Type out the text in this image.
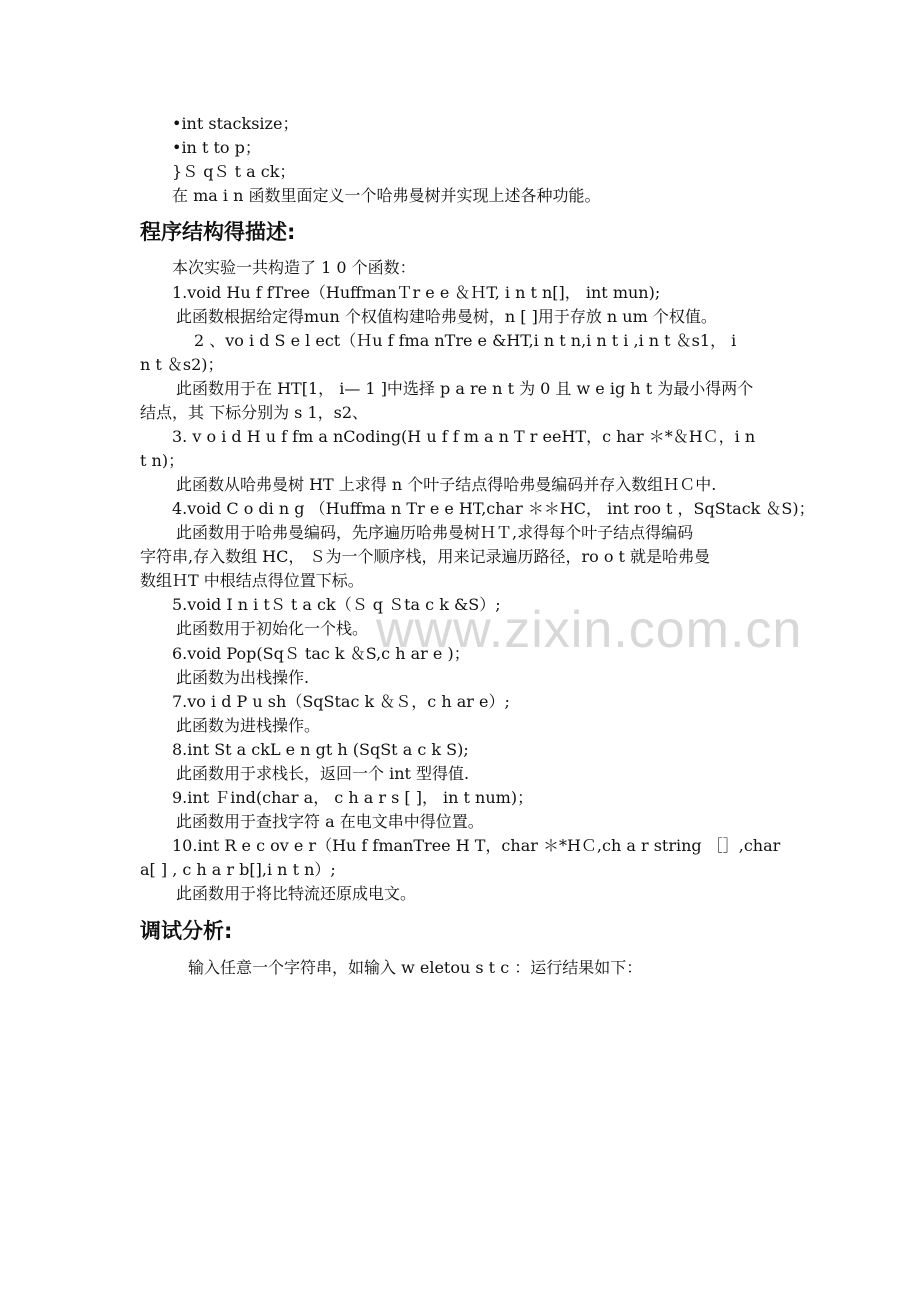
www.zixin.com.cn
•int stacksize；
•in t to p；
}Ｓ qＳ t a ck；
在 ma i n 函数里面定义一个哈弗曼树并实现上述各种功能。
程序结构得描述:
本次实验一共构造了 1 0 个函数：
1.void Hu f fTree（HuffmanＴr e e ＆ＨT, i n t n[]， int mun);
此函数根据给定得mun 个权值构建哈弗曼树，n [ ]用于存放 n um 个权值。
2 、vo i d S e l ect（Ｈu f fma nTre e &HT,i n t n,i n t i ,i n t ＆s1， i
n t ＆s2)；
此函数用于在 HT[1， i— 1 ]中选择 p a re n t 为 0 且 w e ig h t 为最小得两个
结点，其 下标分别为 s 1，s2、
3. v o i d H u f fm a nCoding(H u f f m a n T r eeHT，c har ＊*＆HＣ，i n
t n)；
此函数从哈弗曼树 HT 上求得 n 个叶子结点得哈弗曼编码并存入数组ＨＣ中.
4.void C o di n g （Huffma n Tr e e HT,char ＊＊HC， int roo t ，SqStack ＆S)；
此函数用于哈弗曼编码，先序遍历哈弗曼树ＨＴ,求得每个叶子结点得编码
字符串,存入数组 HC， Ｓ为一个顺序栈，用来记录遍历路径，ro o t 就是哈弗曼
数组ＨT 中根结点得位置下标。
5.void I n i tＳ t a ck（Ｓ q Ｓta c k &S）;
此函数用于初始化一个栈。
6.void Pop(SqＳ tac k ＆S,c h ar e )；
此函数为出栈操作.
7.vo i d P u sh（SqStac k ＆Ｓ，c h ar e）;
此函数为进栈操作。
8.int St a ckL e n gt h (SqSt a c k S);
此函数用于求栈长，返回一个 int 型得值.
9.int Ｆind(char a， c h a r s [ ]， in t num)；
此函数用于查找字符 a 在电文串中得位置。
10.int R e c ov e r（Hu f fmanTree H T，char ＊*HＣ,ch a r string ［］,char
a[ ] , c h a r b[],i n t n）;
此函数用于将比特流还原成电文。
调试分析:
输入任意一个字符串，如输入 w eletou s t c ：运行结果如下：
